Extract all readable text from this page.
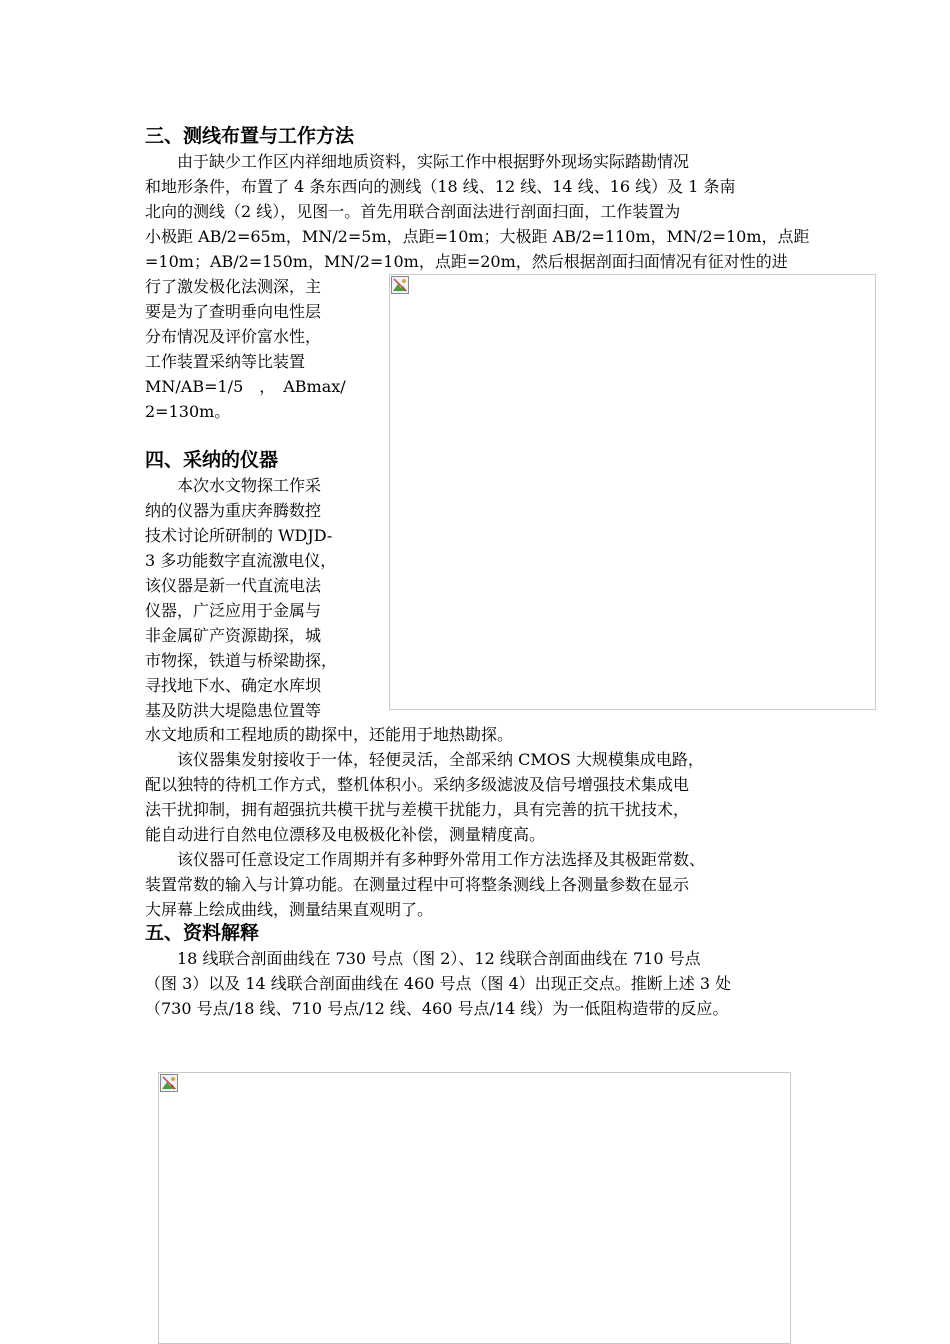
三、测线布置与工作方法
由于缺少工作区内祥细地质资料，实际工作中根据野外现场实际踏勘情况
和地形条件，布置了 4 条东西向的测线（18 线、12 线、14 线、16 线）及 1 条南
北向的测线（2 线），见图一。首先用联合剖面法进行剖面扫面，工作装置为
小极距 AB/2=65m，MN/2=5m，点距=10m；大极距 AB/2=110m，MN/2=10m，点距
=10m；AB/2=150m，MN/2=10m，点距=20m，然后根据剖面扫面情况有征对性的进
行了激发极化法测深，主
要是为了查明垂向电性层
分布情况及评价富水性，
工作装置采纳等比装置
MN/AB=1/5　，　ABmax/
2=130m。
四、采纳的仪器
本次水文物探工作采
纳的仪器为重庆奔腾数控
技术讨论所研制的 WDJD-
3 多功能数字直流激电仪，
该仪器是新一代直流电法
仪器，广泛应用于金属与
非金属矿产资源勘探，城
市物探，铁道与桥梁勘探，
寻找地下水、确定水库坝
基及防洪大堤隐患位置等
水文地质和工程地质的勘探中，还能用于地热勘探。
该仪器集发射接收于一体，轻便灵活，全部采纳 CMOS 大规模集成电路，
配以独特的待机工作方式，整机体积小。采纳多级滤波及信号增强技术集成电
法干扰抑制，拥有超强抗共模干扰与差模干扰能力，具有完善的抗干扰技术，
能自动进行自然电位漂移及电极极化补偿，测量精度高。
该仪器可任意设定工作周期并有多种野外常用工作方法选择及其极距常数、
装置常数的输入与计算功能。在测量过程中可将整条测线上各测量参数在显示
大屏幕上绘成曲线，测量结果直观明了。
五、资料解释
18 线联合剖面曲线在 730 号点（图 2）、12 线联合剖面曲线在 710 号点
（图 3）以及 14 线联合剖面曲线在 460 号点（图 4）出现正交点。推断上述 3 处
（730 号点/18 线、710 号点/12 线、460 号点/14 线）为一低阻构造带的反应。
